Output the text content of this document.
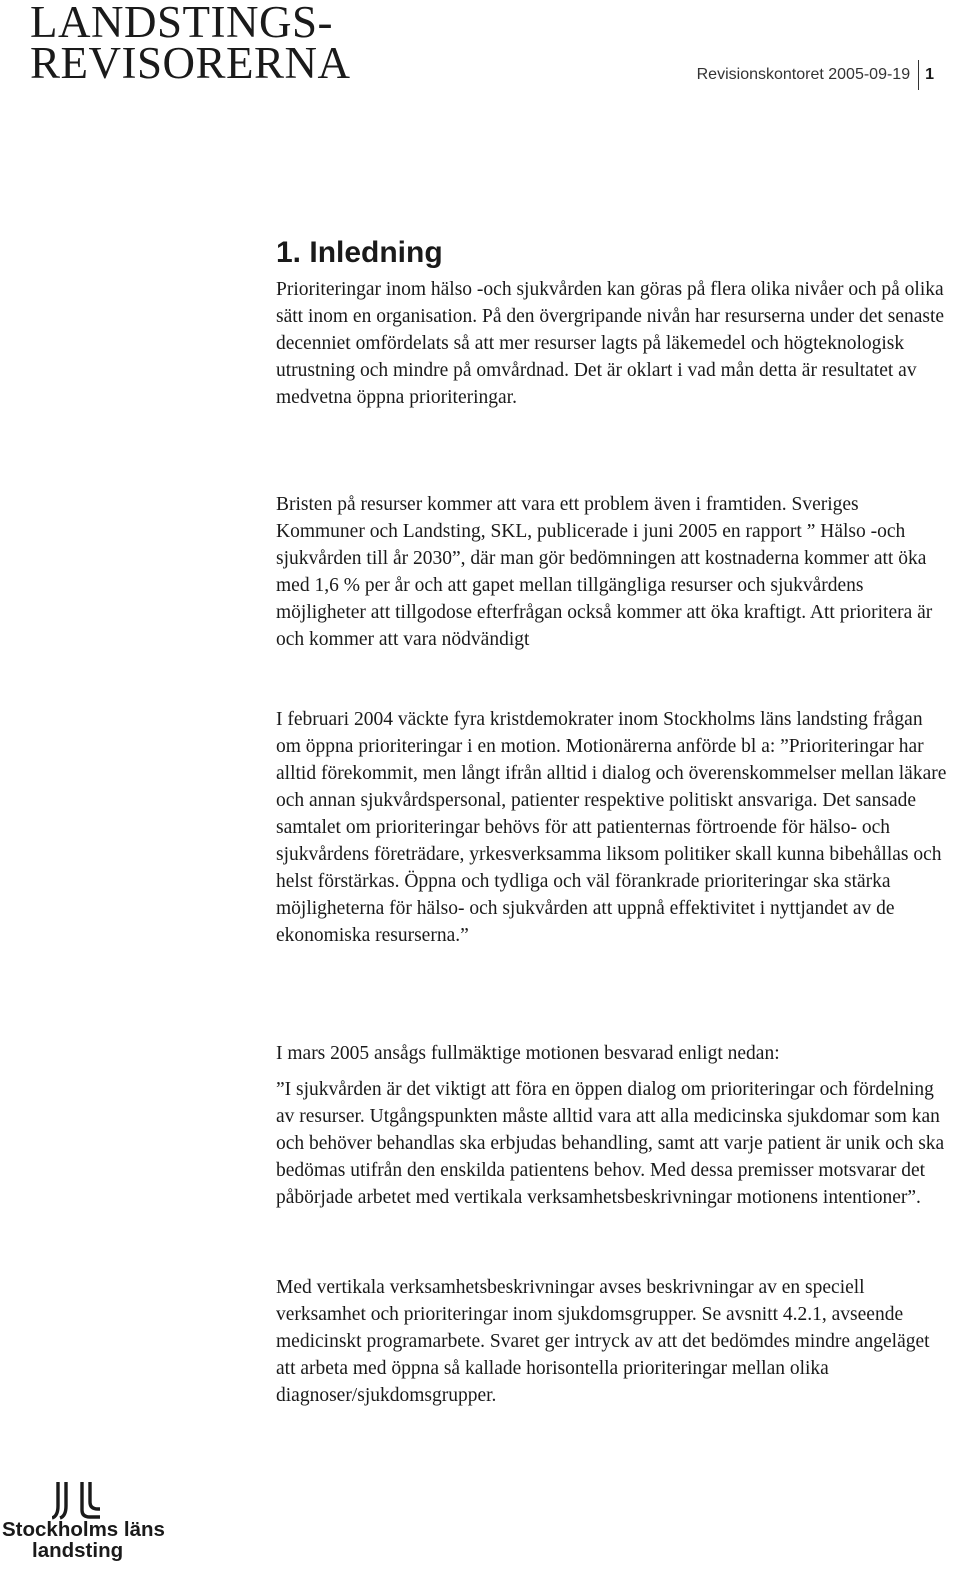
LANDSTINGS-
REVISORERNA	Revisionskontoret 2005-09-19 1
1. Inledning

Prioriteringar inom hälso -och sjukvården kan göras på flera olika nivåer och på olika sätt inom en organisation. På den övergripande nivån har resurserna under det senaste decenniet omfördelats så att mer resurser lagts på läkemedel och högteknologisk utrustning och mindre på omvårdnad. Det är oklart i vad mån detta är resultatet av medvetna öppna prioriteringar.

Bristen på resurser kommer att vara ett problem även i framtiden. Sveriges Kommuner och Landsting, SKL, publicerade i juni 2005 en rapport ” Hälso -och sjukvården till år 2030”, där man gör bedömningen att kostnaderna kommer att öka med 1,6 % per år och att gapet mellan tillgängliga resurser och sjukvårdens möjligheter att tillgodose efterfrågan också kommer att öka kraftigt. Att prioritera är och kommer att vara nödvändigt

I februari 2004 väckte fyra kristdemokrater inom Stockholms läns landsting frågan om öppna prioriteringar i en motion. Motionärerna anförde bl a: ”Prioriteringar har alltid förekommit, men långt ifrån alltid i dialog och överenskommelser mellan läkare och annan sjukvårdspersonal, patienter respektive politiskt ansvariga. Det sansade samtalet om prioriteringar behövs för att patienternas förtroende för hälso- och sjukvårdens företrädare, yrkesverksamma liksom politiker skall kunna bibehållas och helst förstärkas. Öppna och tydliga och väl förankrade prioriteringar ska stärka möjligheterna för hälso- och sjukvården att uppnå effektivitet i nyttjandet av de ekonomiska resurserna.”

I mars 2005 ansågs fullmäktige motionen besvarad enligt nedan:

”I sjukvården är det viktigt att föra en öppen dialog om prioriteringar och fördelning av resurser. Utgångspunkten måste alltid vara att alla medicinska sjukdomar som kan och behöver behandlas ska erbjudas behandling, samt att varje patient är unik och ska bedömas utifrån den enskilda patientens behov. Med dessa premisser motsvarar det påbörjade arbetet med vertikala verksamhetsbeskrivningar motionens intentioner”.

Med vertikala verksamhetsbeskrivningar avses beskrivningar av en speciell verksamhet och prioriteringar inom sjukdomsgrupper. Se avsnitt 4.2.1, avseende medicinskt programarbete. Svaret ger intryck av att det bedömdes mindre angeläget att arbeta med öppna så kallade horisontella prioriteringar mellan olika diagnoser/sjukdomsgrupper.

Stockholms läns
landsting
